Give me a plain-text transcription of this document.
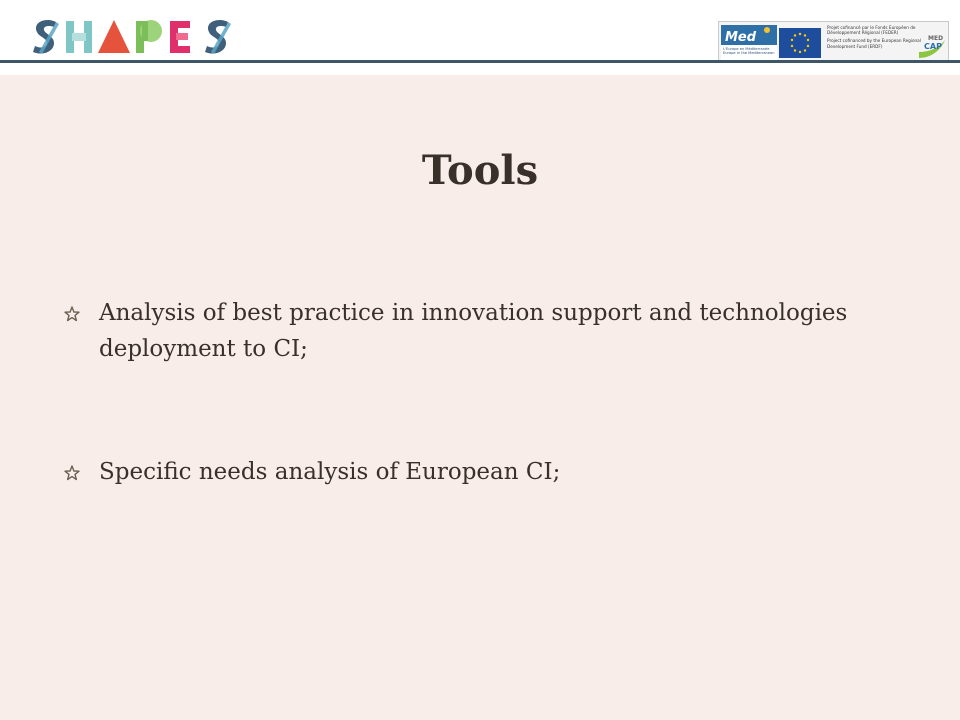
Med	MED
CAP

Projet cofinancé par le Fonds Européen de Développement Régional (FEDER)

Project cofinanced by the European Regional Development Fund (ERDF)

L'Europe en Méditerranée Europe in the Mediterranean
Tools
Analysis of best practice in innovation support and technologies deployment to CI;
Specific needs analysis of European CI;
